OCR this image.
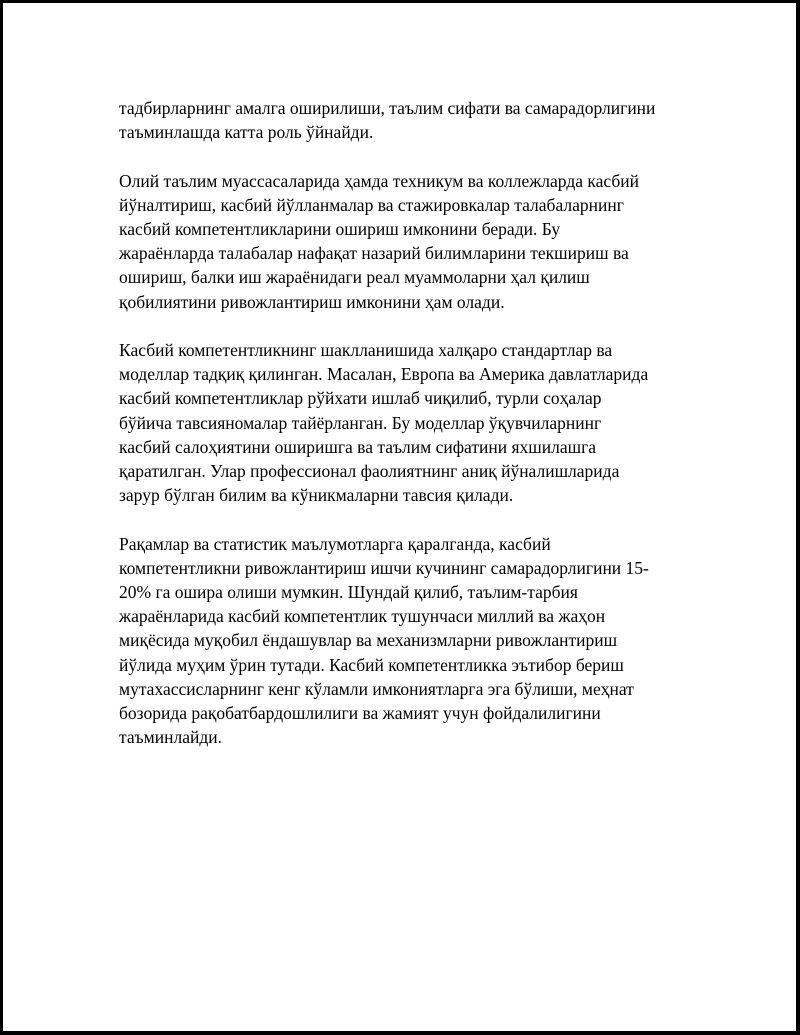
тадбирларнинг амалга оширилиши, таълим сифати ва самарадорлигини
таъминлашда катта роль ўйнайди.

Олий таълим муассасаларида ҳамда техникум ва коллежларда касбий
йўналтириш, касбий йўлланмалар ва стажировкалар талабаларнинг
касбий компетентликларини ошириш имконини беради. Бу
жараёнларда талабалар нафақат назарий билимларини текшириш ва
ошириш, балки иш жараёнидаги реал муаммоларни ҳал қилиш
қобилиятини ривожлантириш имконини ҳам олади.

Касбий компетентликнинг шаклланишида халқаро стандартлар ва
моделлар тадқиқ қилинган. Масалан, Европа ва Америка давлатларида
касбий компетентликлар рўйхати ишлаб чиқилиб, турли соҳалар
бўйича тавсияномалар тайёрланган. Бу моделлар ўқувчиларнинг
касбий салоҳиятини оширишга ва таълим сифатини яхшилашга
қаратилган. Улар профессионал фаолиятнинг аниқ йўналишларида
зарур бўлган билим ва кўникмаларни тавсия қилади.

Рақамлар ва статистик маълумотларга қаралганда, касбий
компетентликни ривожлантириш ишчи кучининг самарадорлигини 15-
20% га ошира олиши мумкин. Шундай қилиб, таълим-тарбия
жараёнларида касбий компетентлик тушунчаси миллий ва жаҳон
миқёсида муқобил ёндашувлар ва механизмларни ривожлантириш
йўлида муҳим ўрин тутади. Касбий компетентликка эътибор бериш
мутахассисларнинг кенг кўламли имкониятларга эга бўлиши, меҳнат
бозорида рақобатбардошлилиги ва жамият учун фойдалилигини
таъминлайди.
